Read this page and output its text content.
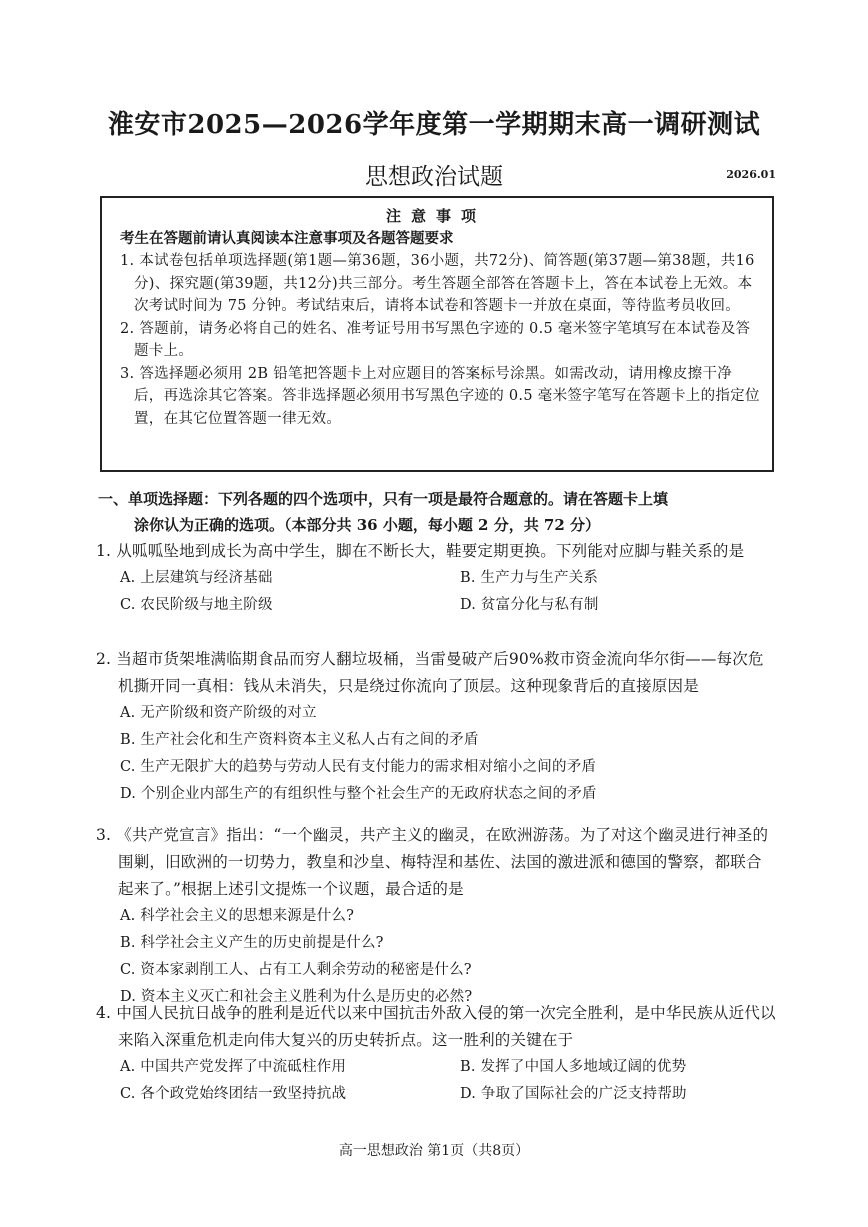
淮安市2025—2026学年度第一学期期末高一调研测试
思想政治试题	2026.01
注意事项
考生在答题前请认真阅读本注意事项及各题答题要求
1. 本试卷包括单项选择题(第1题—第36题，36小题，共72分)、简答题(第37题—第38题，共16分)、探究题(第39题，共12分)共三部分。考生答题全部答在答题卡上，答在本试卷上无效。本次考试时间为 75 分钟。考试结束后，请将本试卷和答题卡一并放在桌面，等待监考员收回。
2. 答题前，请务必将自己的姓名、准考证号用书写黑色字迹的 0.5 毫米签字笔填写在本试卷及答题卡上。
3. 答选择题必须用 2B 铅笔把答题卡上对应题目的答案标号涂黑。如需改动，请用橡皮擦干净后，再选涂其它答案。答非选择题必须用书写黑色字迹的 0.5 毫米签字笔写在答题卡上的指定位置，在其它位置答题一律无效。
一、单项选择题：下列各题的四个选项中，只有一项是最符合题意的。请在答题卡上填
涂你认为正确的选项。（本部分共 36 小题，每小题 2 分，共 72 分）
1. 从呱呱坠地到成长为高中学生，脚在不断长大，鞋要定期更换。下列能对应脚与鞋关系的是
A. 上层建筑与经济基础	B. 生产力与生产关系
C. 农民阶级与地主阶级	D. 贫富分化与私有制
2. 当超市货架堆满临期食品而穷人翻垃圾桶，当雷曼破产后90%救市资金流向华尔街——每次危机撕开同一真相：钱从未消失，只是绕过你流向了顶层。这种现象背后的直接原因是
A. 无产阶级和资产阶级的对立
B. 生产社会化和生产资料资本主义私人占有之间的矛盾
C. 生产无限扩大的趋势与劳动人民有支付能力的需求相对缩小之间的矛盾
D. 个别企业内部生产的有组织性与整个社会生产的无政府状态之间的矛盾
3. 《共产党宣言》指出：“一个幽灵，共产主义的幽灵，在欧洲游荡。为了对这个幽灵进行神圣的围剿，旧欧洲的一切势力，教皇和沙皇、梅特涅和基佐、法国的激进派和德国的警察，都联合起来了。”根据上述引文提炼一个议题，最合适的是
A. 科学社会主义的思想来源是什么?
B. 科学社会主义产生的历史前提是什么?
C. 资本家剥削工人、占有工人剩余劳动的秘密是什么?
D. 资本主义灭亡和社会主义胜利为什么是历史的必然?
4. 中国人民抗日战争的胜利是近代以来中国抗击外敌入侵的第一次完全胜利，是中华民族从近代以来陷入深重危机走向伟大复兴的历史转折点。这一胜利的关键在于
A. 中国共产党发挥了中流砥柱作用	B. 发挥了中国人多地域辽阔的优势
C. 各个政党始终团结一致坚持抗战	D. 争取了国际社会的广泛支持帮助
高一思想政治 第1页（共8页）
